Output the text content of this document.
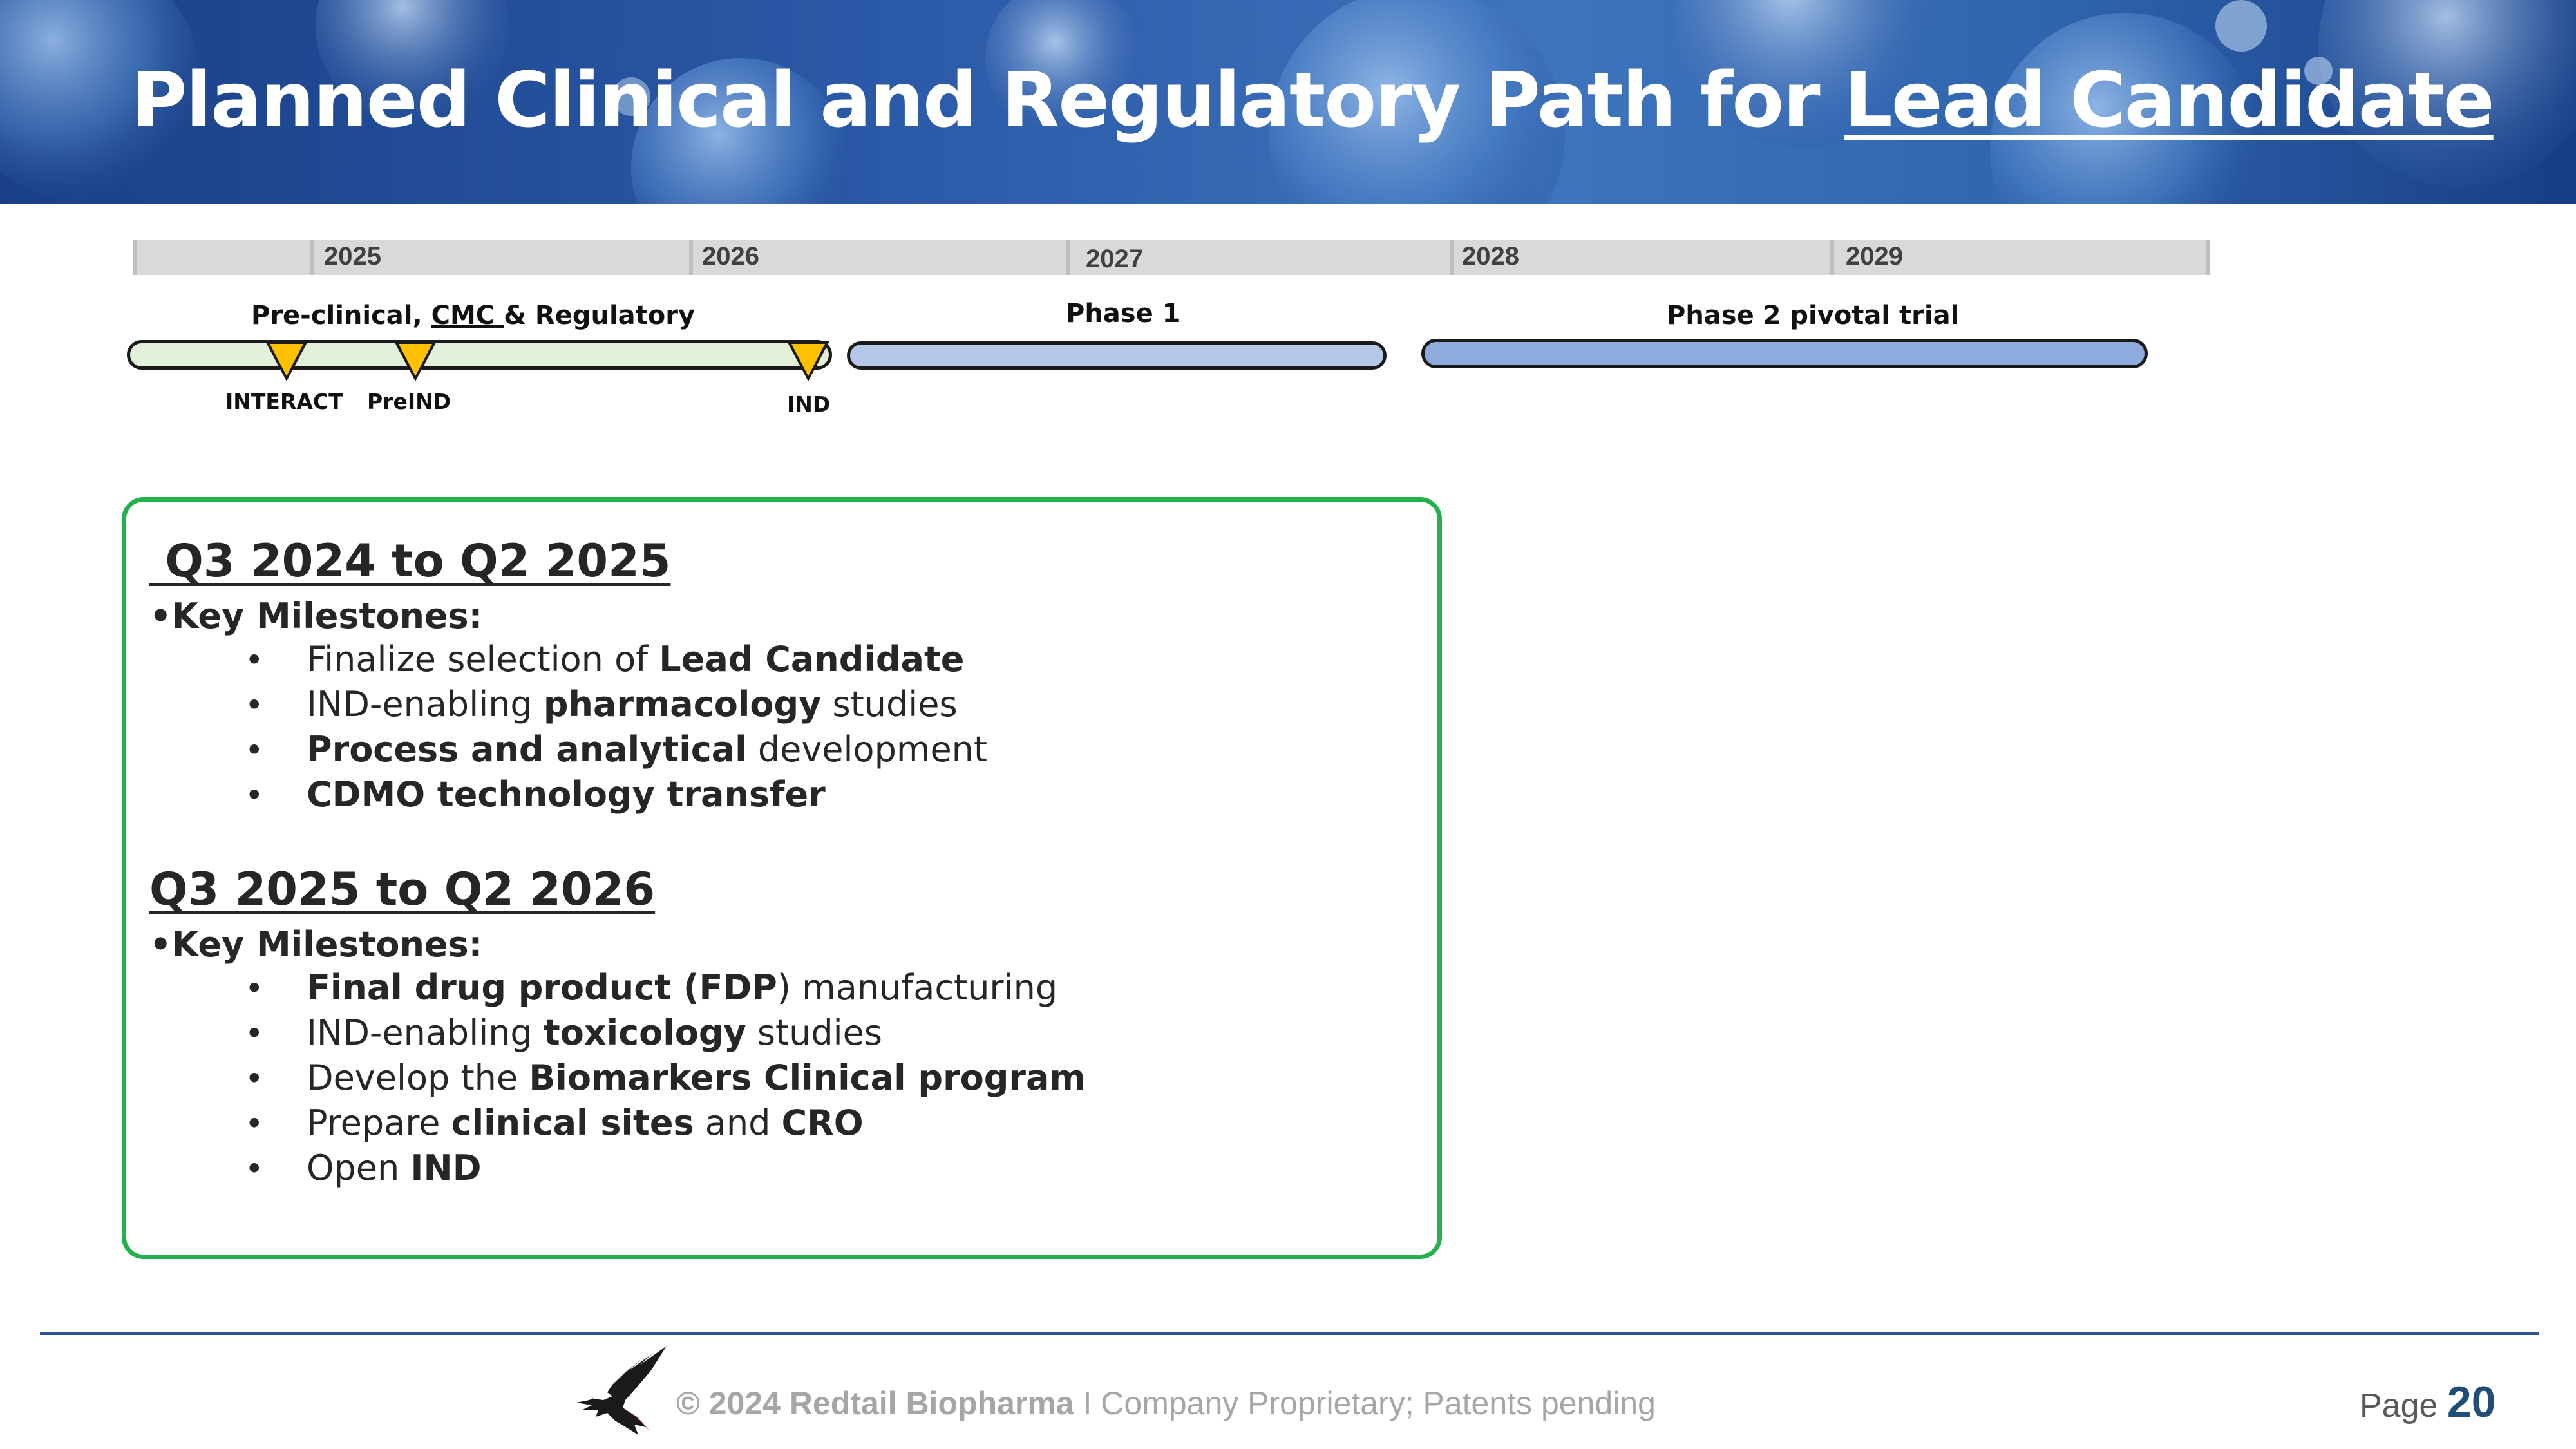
Planned Clinical and Regulatory Path for Lead Candidate
2025	2026	2027	2028	2029
Pre-clinical, CMC & Regulatory	Phase 1	Phase 2 pivotal trial
INTERACT PreIND	IND
Q3 2024 to Q2 2025
•Key Milestones:
• Finalize selection of Lead Candidate
• IND-enabling pharmacology studies
• Process and analytical development
• CDMO technology transfer
Q3 2025 to Q2 2026
•Key Milestones:
• Final drug product (FDP) manufacturing
• IND-enabling toxicology studies
• Develop the Biomarkers Clinical program
• Prepare clinical sites and CRO
• Open IND
© 2024 Redtail Biopharma I Company Proprietary; Patents pending	Page 20
